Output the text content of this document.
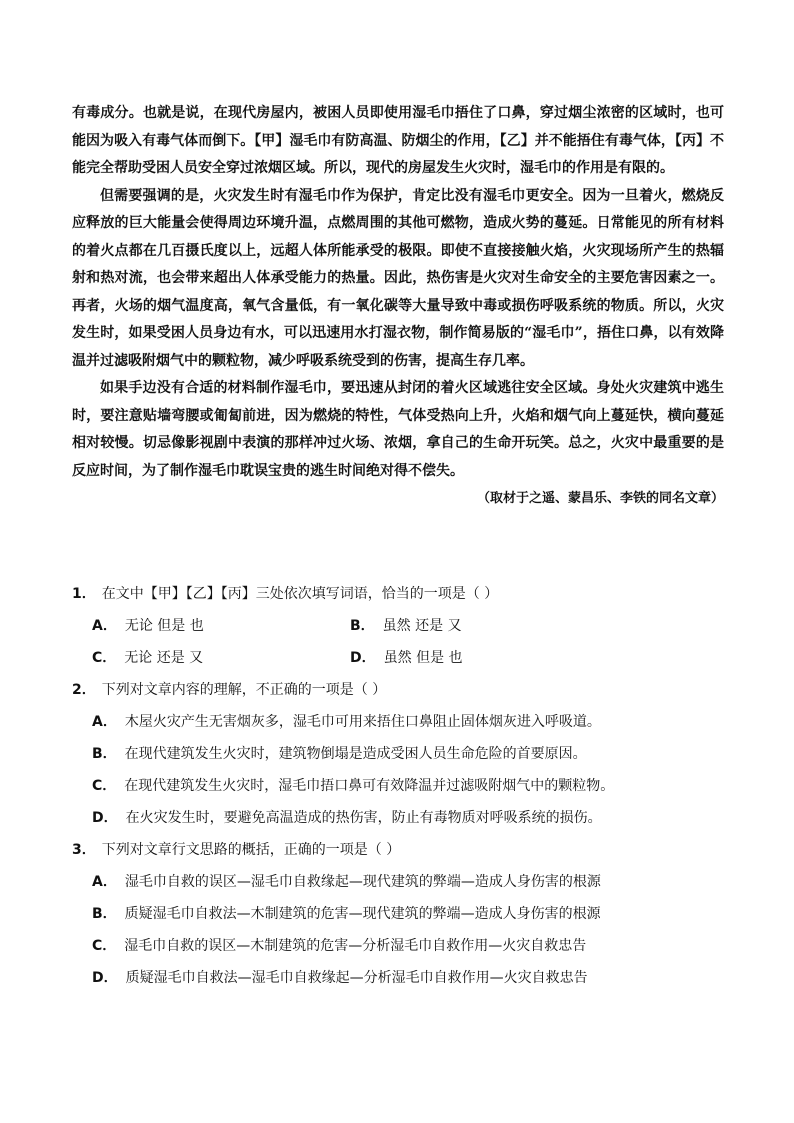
有毒成分。也就是说，在现代房屋内，被困人员即使用湿毛巾捂住了口鼻，穿过烟尘浓密的区域时，也可能因为吸入有毒气体而倒下。【甲】湿毛巾有防高温、防烟尘的作用，【乙】并不能捂住有毒气体，【丙】不能完全帮助受困人员安全穿过浓烟区域。所以，现代的房屋发生火灾时，湿毛巾的作用是有限的。

但需要强调的是，火灾发生时有湿毛巾作为保护，肯定比没有湿毛巾更安全。因为一旦着火，燃烧反应释放的巨大能量会使得周边环境升温，点燃周围的其他可燃物，造成火势的蔓延。日常能见的所有材料的着火点都在几百摄氏度以上，远超人体所能承受的极限。即使不直接接触火焰，火灾现场所产生的热辐射和热对流，也会带来超出人体承受能力的热量。因此，热伤害是火灾对生命安全的主要危害因素之一。再者，火场的烟气温度高，氧气含量低，有一氧化碳等大量导致中毒或损伤呼吸系统的物质。所以，火灾发生时，如果受困人员身边有水，可以迅速用水打湿衣物，制作简易版的“湿毛巾”，捂住口鼻，以有效降温并过滤吸附烟气中的颗粒物，减少呼吸系统受到的伤害，提高生存几率。

如果手边没有合适的材料制作湿毛巾，要迅速从封闭的着火区域逃往安全区域。身处火灾建筑中逃生时，要注意贴墙弯腰或匍匐前进，因为燃烧的特性，气体受热向上升，火焰和烟气向上蔓延快，横向蔓延相对较慢。切忌像影视剧中表演的那样冲过火场、浓烟，拿自己的生命开玩笑。总之，火灾中最重要的是反应时间，为了制作湿毛巾耽误宝贵的逃生时间绝对得不偿失。

（取材于之遥、蒙昌乐、李铁的同名文章）

1． 在文中【甲】【乙】【丙】三处依次填写词语，恰当的一项是（ ）
A． 无论 但是 也	B． 虽然 还是 又
C． 无论 还是 又	D． 虽然 但是 也
2． 下列对文章内容的理解，不正确的一项是（ ）
A． 木屋火灾产生无害烟灰多，湿毛巾可用来捂住口鼻阻止固体烟灰进入呼吸道。
B． 在现代建筑发生火灾时，建筑物倒塌是造成受困人员生命危险的首要原因。
C． 在现代建筑发生火灾时，湿毛巾捂口鼻可有效降温并过滤吸附烟气中的颗粒物。
D． 在火灾发生时，要避免高温造成的热伤害，防止有毒物质对呼吸系统的损伤。
3． 下列对文章行文思路的概括，正确的一项是（ ）
A． 湿毛巾自救的误区—湿毛巾自救缘起—现代建筑的弊端—造成人身伤害的根源
B． 质疑湿毛巾自救法—木制建筑的危害—现代建筑的弊端—造成人身伤害的根源
C． 湿毛巾自救的误区—木制建筑的危害—分析湿毛巾自救作用—火灾自救忠告
D． 质疑湿毛巾自救法—湿毛巾自救缘起—分析湿毛巾自救作用—火灾自救忠告
